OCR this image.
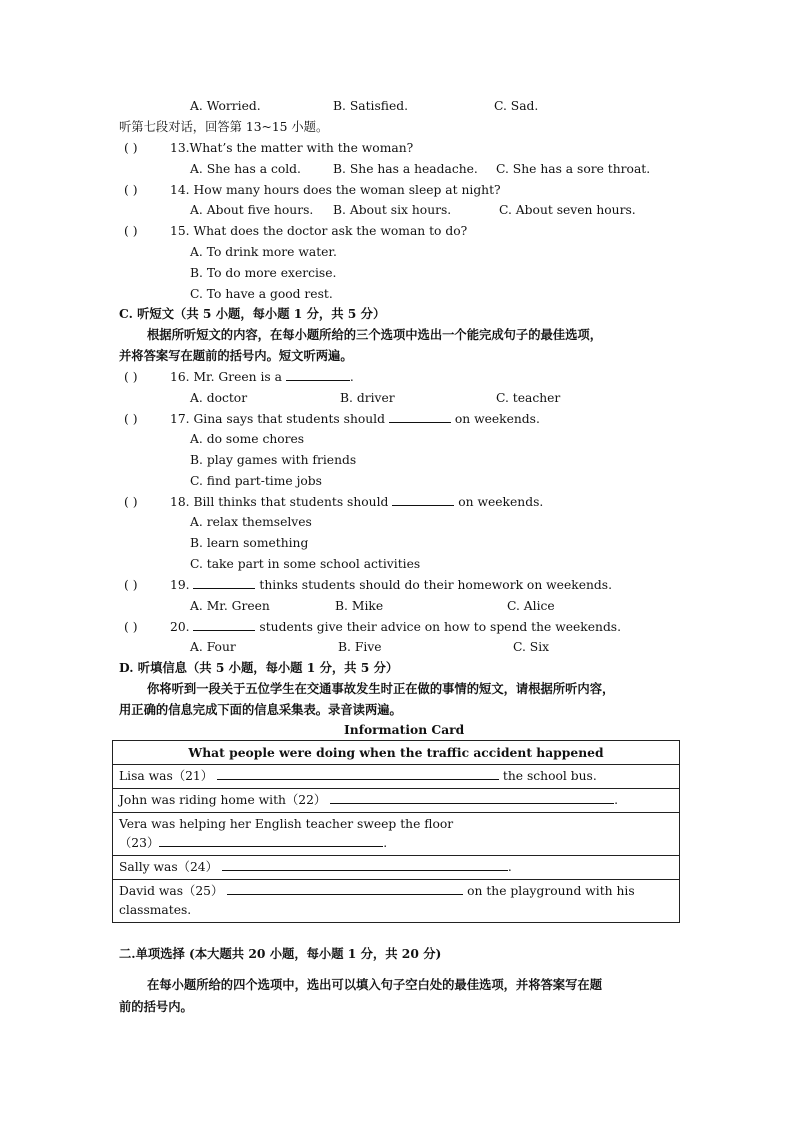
A. Worried.	B. Satisfied.	C. Sad.
听第七段对话，回答第 13~15 小题。
( )	13.What’s the matter with the woman?
A. She has a cold.	B. She has a headache. C. She has a sore throat.
( )	14. How many hours does the woman sleep at night?
A. About five hours. B. About six hours.	C. About seven hours.
( )	15. What does the doctor ask the woman to do?
A. To drink more water.
B. To do more exercise.
C. To have a good rest.
C. 听短文（共 5 小题，每小题 1 分，共 5 分）
根据所听短文的内容，在每小题所给的三个选项中选出一个能完成句子的最佳选项，
并将答案写在题前的括号内。短文听两遍。
( )	16. Mr. Green is a	.
A. doctor	B. driver	C. teacher
( )	17. Gina says that students should	on weekends.
A. do some chores
B. play games with friends
C. find part-time jobs
( )	18. Bill thinks that students should	on weekends.
A. relax themselves
B. learn something
C. take part in some school activities
( )	19.	thinks students should do their homework on weekends.
A. Mr. Green	B. Mike	C. Alice
( )	20.	students give their advice on how to spend the weekends.
A. Four	B. Five	C. Six
D. 听填信息（共 5 小题，每小题 1 分，共 5 分）
你将听到一段关于五位学生在交通事故发生时正在做的事情的短文，请根据所听内容，
用正确的信息完成下面的信息采集表。录音读两遍。
Information Card
What people were doing when the traffic accident happened
Lisa was（21）	the school bus.
John was riding home with（22）	.

Vera was helping her English teacher sweep the floor
（23）	.
Sally was（24）	.
David was（25）	on the playground with his
classmates.
二.单项选择 (本大题共 20 小题，每小题 1 分，共 20 分)
在每小题所给的四个选项中，选出可以填入句子空白处的最佳选项，并将答案写在题
前的括号内。
